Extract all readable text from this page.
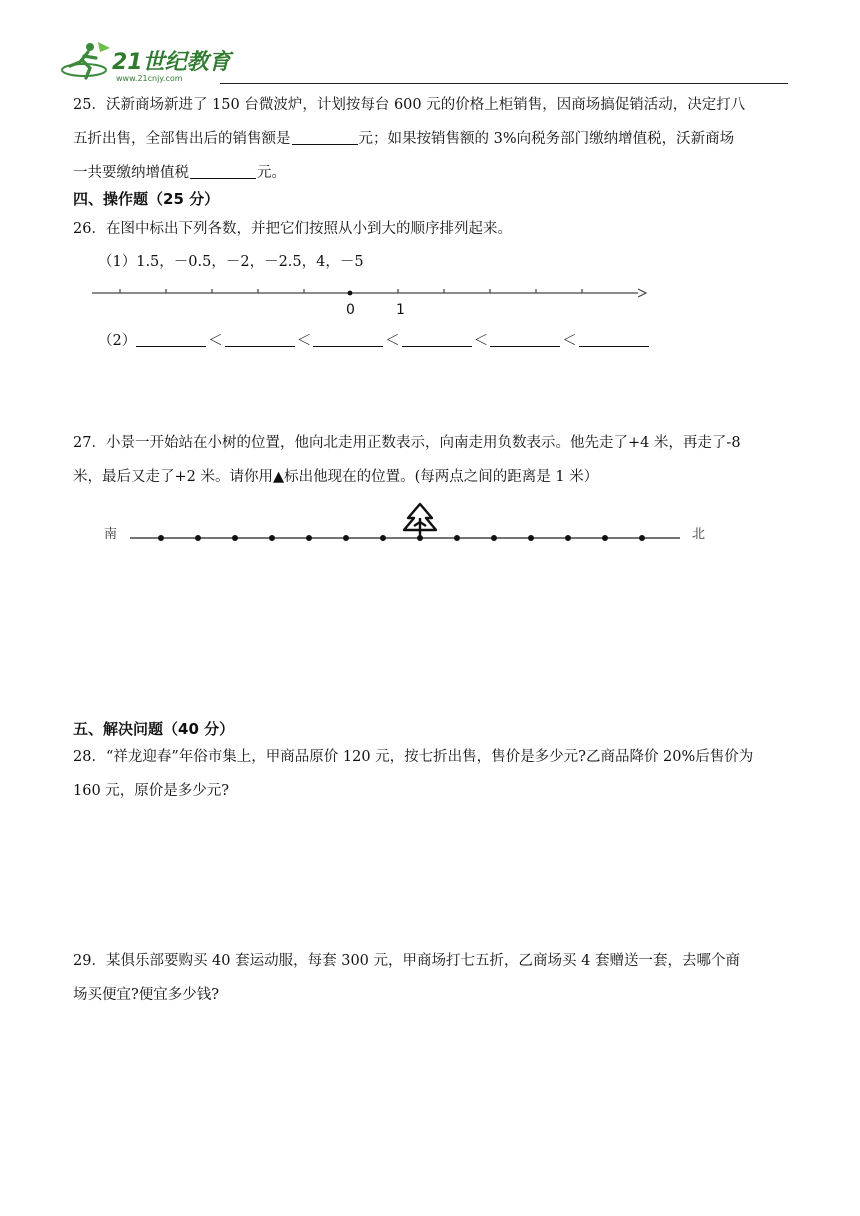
21世纪教育
www.21cnjy.com
25．沃新商场新进了 150 台微波炉，计划按每台 600 元的价格上柜销售，因商场搞促销活动，决定打八
五折出售，全部售出后的销售额是	元；如果按销售额的 3%向税务部门缴纳增值税，沃新商场
一共要缴纳增值税	元。
四、操作题（25 分）
26．在图中标出下列各数，并把它们按照从小到大的顺序排列起来。
（1）1.5，－0.5，－2，－2.5，4，－5
0	1
（2）	＜	＜	＜	＜	＜
27．小景一开始站在小树的位置，他向北走用正数表示，向南走用负数表示。他先走了+4 米，再走了-8
米，最后又走了+2 米。请你用▲标出他现在的位置。(每两点之间的距离是 1 米）
南	北
五、解决问题（40 分）
28．“祥龙迎春”年俗市集上，甲商品原价 120 元，按七折出售，售价是多少元?乙商品降价 20%后售价为
160 元，原价是多少元?
29．某俱乐部要购买 40 套运动服，每套 300 元，甲商场打七五折，乙商场买 4 套赠送一套，去哪个商
场买便宜?便宜多少钱?
